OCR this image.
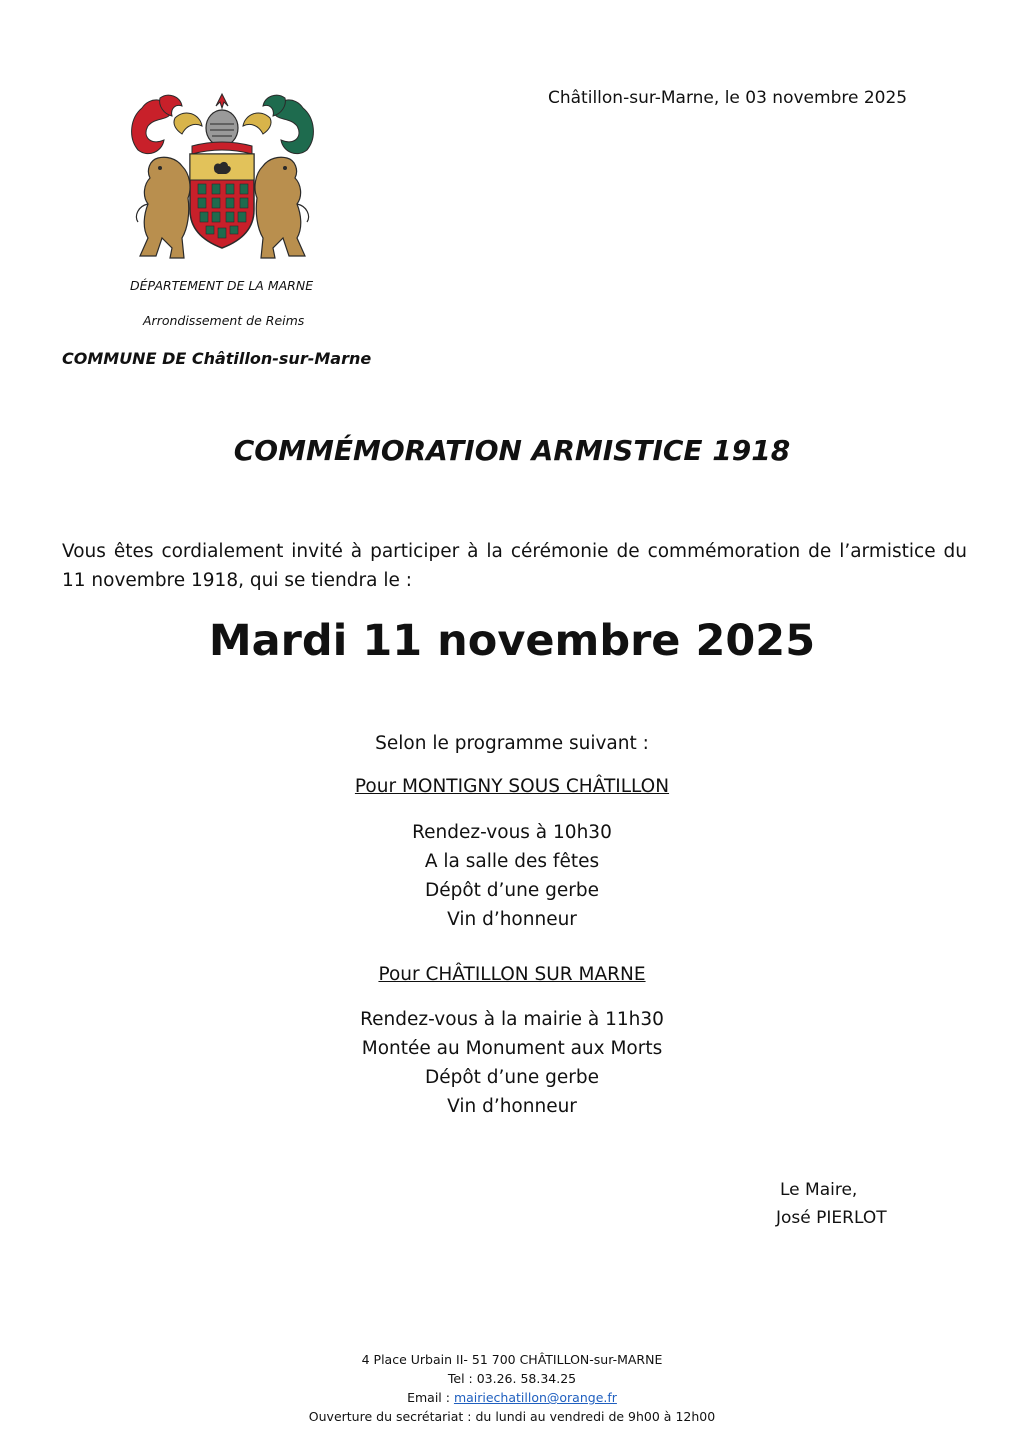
Châtillon-sur-Marne, le 03 novembre 2025
DÉPARTEMENT DE LA MARNE
Arrondissement de Reims
COMMUNE DE Châtillon-sur-Marne
COMMÉMORATION ARMISTICE 1918
Vous êtes cordialement invité à participer à la cérémonie de commémoration de l’armistice du 11 novembre 1918, qui se tiendra le :
Mardi 11 novembre 2025
Selon le programme suivant :
Pour MONTIGNY SOUS CHÂTILLON
Rendez-vous à 10h30
A la salle des fêtes
Dépôt d’une gerbe
Vin d’honneur
Pour CHÂTILLON SUR MARNE
Rendez-vous à la mairie à 11h30
Montée au Monument aux Morts
Dépôt d’une gerbe
Vin d’honneur
Le Maire,
José PIERLOT
4 Place Urbain II- 51 700 CHÂTILLON-sur-MARNE
Tel : 03.26. 58.34.25
Email : mairiechatillon@orange.fr
Ouverture du secrétariat : du lundi au vendredi de 9h00 à 12h00
